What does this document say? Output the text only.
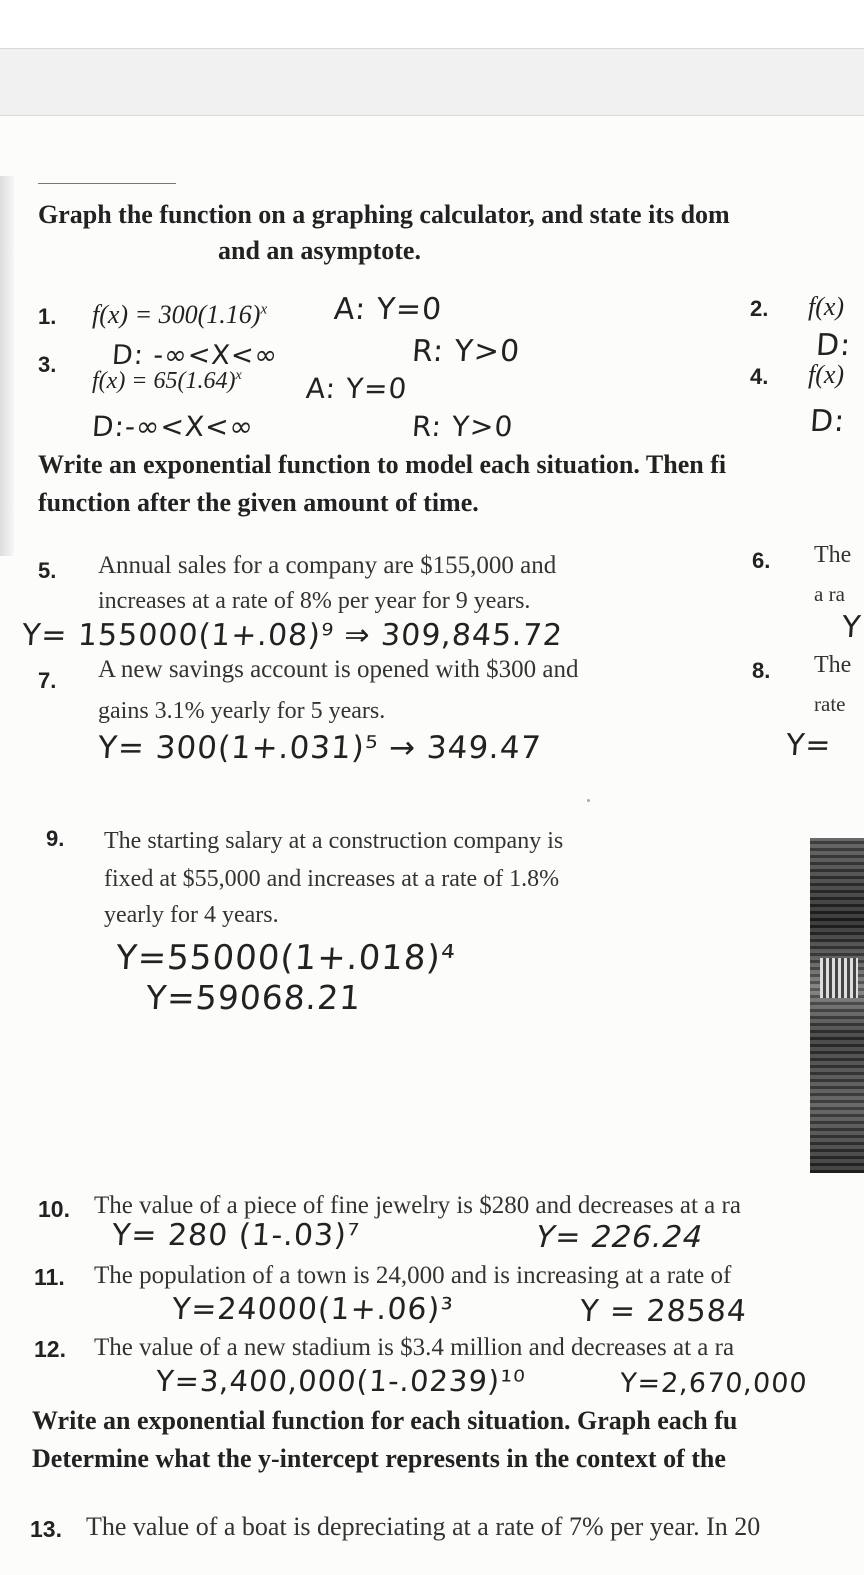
Graph the function on a graphing calculator, and state its dom
and an asymptote.
1. $f(x) = 300(1.16)^x$ A: Y=0
D: -∞<X<∞	R: Y>0
2. f(x)
D:
3.
$f(x) = 65(1.64)^x$ A: Y=0
D:-∞<X<∞	R: Y>0
4. f(x)
D:
Write an exponential function to model each situation. Then fi
function after the given amount of time.
5. Annual sales for a company are $155,000 and
increases at a rate of 8% per year for 9 years.
Y= 155000(1+.08)⁹ ⇒ 309,845.72
6. The
a ra
Y
7. A new savings account is opened with $300 and
gains 3.1% yearly for 5 years.
Y= 300(1+.031)⁵ → 349.47
8. The
rate
Y=
9. The starting salary at a construction company is
fixed at $55,000 and increases at a rate of 1.8%
yearly for 4 years.
Y=55000(1+.018)⁴
Y=59068.21
10. The value of a piece of fine jewelry is $280 and decreases at a ra
Y= 280 (1-.03)⁷	Y= 226.24
11. The population of a town is 24,000 and is increasing at a rate of
Y=24000(1+.06)³	Y = 28584
12. The value of a new stadium is $3.4 million and decreases at a ra
Y=3,400,000(1-.0239)¹⁰	Y=2,670,000
Write an exponential function for each situation. Graph each fu
Determine what the y-intercept represents in the context of the
13. The value of a boat is depreciating at a rate of 7% per year. In 20
